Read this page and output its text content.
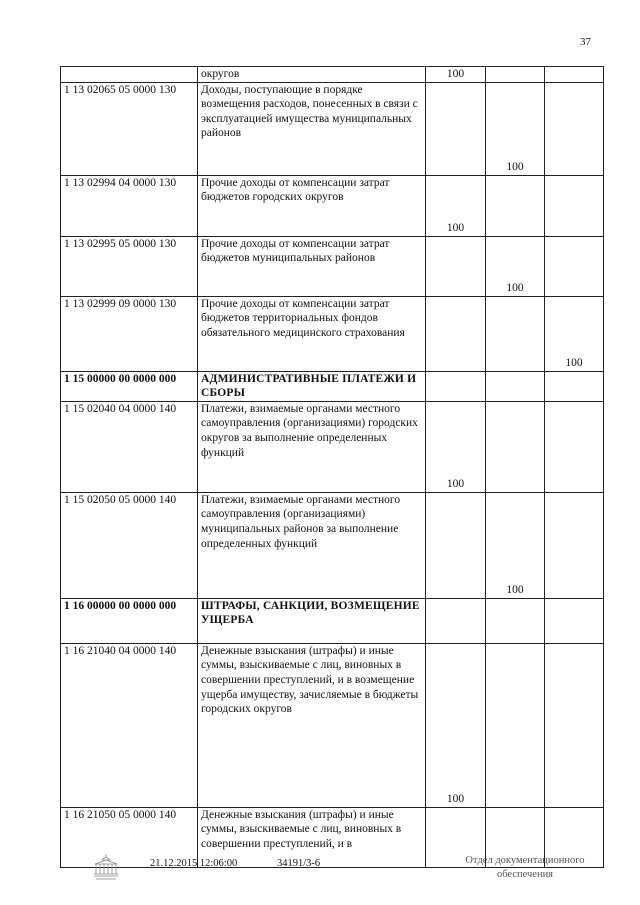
37
	округов	100		
1 13 02065 05 0000 130	Доходы, поступающие в порядке возмещения расходов, понесенных в связи с эксплуатацией имущества муниципальных районов		100	
1 13 02994 04 0000 130	Прочие доходы от компенсации затрат бюджетов городских округов	100		
1 13 02995 05 0000 130	Прочие доходы от компенсации затрат бюджетов муниципальных районов		100	
1 13 02999 09 0000 130	Прочие доходы от компенсации затрат бюджетов территориальных фондов обязательного медицинского страхования			100
1 15 00000 00 0000 000	АДМИНИСТРАТИВНЫЕ ПЛАТЕЖИ И СБОРЫ			
1 15 02040 04 0000 140	Платежи, взимаемые органами местного самоуправления (организациями) городских округов за выполнение определенных функций	100		
1 15 02050 05 0000 140	Платежи, взимаемые органами местного самоуправления (организациями) муниципальных районов за выполнение определенных функций		100	
1 16 00000 00 0000 000	ШТРАФЫ, САНКЦИИ, ВОЗМЕЩЕНИЕ УЩЕРБА			
1 16 21040 04 0000 140	Денежные взыскания (штрафы) и иные суммы, взыскиваемые с лиц, виновных в совершении преступлений, и в возмещение ущерба имуществу, зачисляемые в бюджеты городских округов	100		
1 16 21050 05 0000 140	Денежные взыскания (штрафы) и иные суммы, взыскиваемые с лиц, виновных в совершении преступлений, и в			
21.12.2015 12:06:00	34191/3-6	Отдел документационного обеспечения
